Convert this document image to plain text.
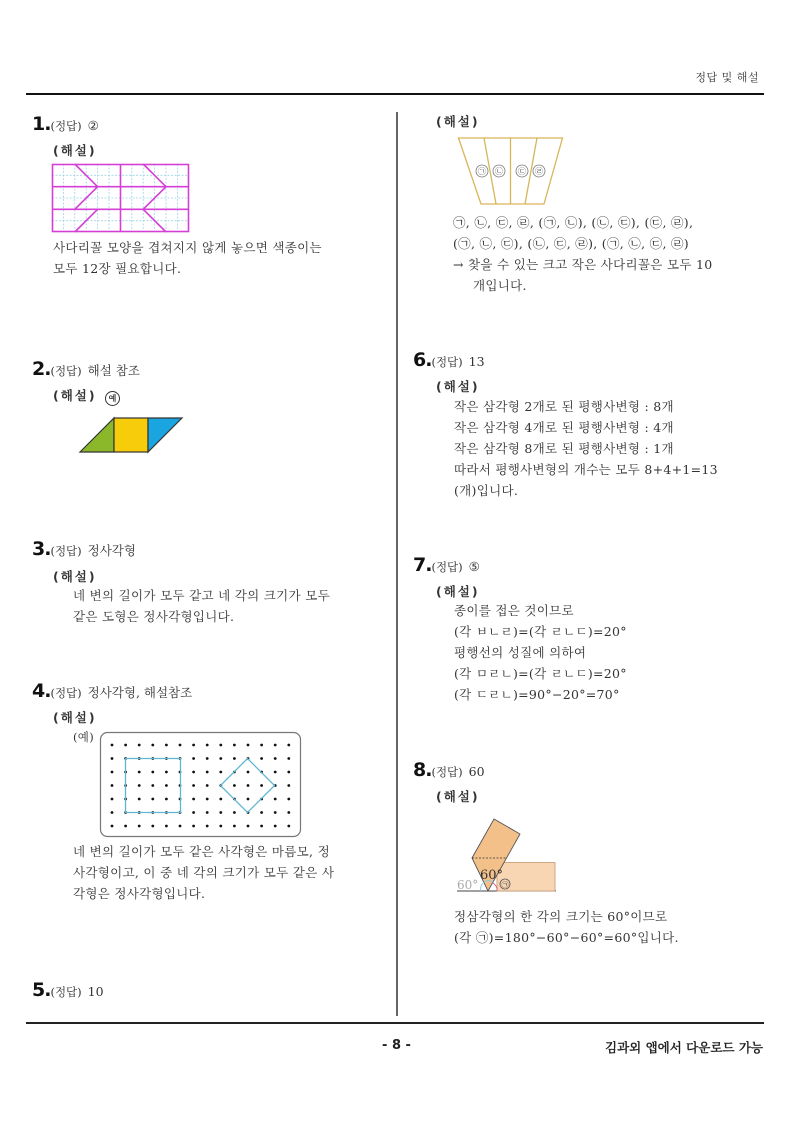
정답 및 해설
1.(정답) ②
(해설)
사다리꼴 모양을 겹쳐지지 않게 놓으면 색종이는
모두 12장 필요합니다.
2.(정답) 해설 참조
(해설) 예
3.(정답) 정사각형
(해설)
네 변의 길이가 모두 같고 네 각의 크기가 모두
같은 도형은 정사각형입니다.
4.(정답) 정사각형, 해설참조
(해설)
(예)
네 변의 길이가 모두 같은 사각형은 마름모, 정
사각형이고, 이 중 네 각의 크기가 모두 같은 사
각형은 정사각형입니다.
5.(정답) 10
(해설)
㉠ ㉡ ㉢ ㉣
㉠, ㉡, ㉢, ㉣, (㉠, ㉡), (㉡, ㉢), (㉢, ㉣),
(㉠, ㉡, ㉢), (㉡, ㉢, ㉣), (㉠, ㉡, ㉢, ㉣)
→ 찾을 수 있는 크고 작은 사다리꼴은 모두 10
개입니다.
6.(정답) 13
(해설)
작은 삼각형 2개로 된 평행사변형 : 8개
작은 삼각형 4개로 된 평행사변형 : 4개
작은 삼각형 8개로 된 평행사변형 : 1개
따라서 평행사변형의 개수는 모두 8+4+1=13
(개)입니다.
7.(정답) ⑤
(해설)
종이를 접은 것이므로
(각 ㅂㄴㄹ)=(각 ㄹㄴㄷ)=20°
평행선의 성질에 의하여
(각 ㅁㄹㄴ)=(각 ㄹㄴㄷ)=20°
(각 ㄷㄹㄴ)=90°−20°=70°
8.(정답) 60
(해설)
60°
60°	㉠
정삼각형의 한 각의 크기는 60°이므로
(각 ㉠)=180°−60°−60°=60°입니다.
- 8 -	김과외 앱에서 다운로드 가능
